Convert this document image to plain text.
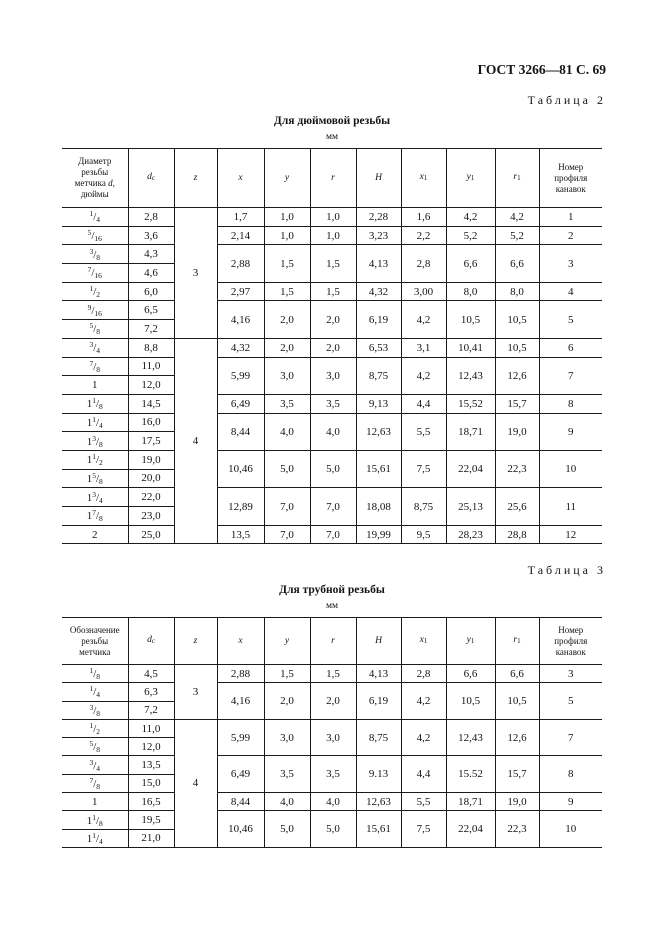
ГОСТ 3266—81 С. 69
Таблица 2
Для дюймовой резьбы
мм
Диаметр
резьбы
метчика d,
дюймы	dc	z	x	y	r	H	x1	y1	r1	Номер
профиля
канавок
$^1$/4	2,8	3	1,7	1,0	1,0	2,28	1,6	4,2	4,2	1
$^5$/16	3,6		2,14	1,0	1,0	3,23	2,2	5,2	5,2	2
$^3$/8	4,3		2,88	1,5	1,5	4,13	2,8	6,6	6,6	3
$^7$/16	4,6									
$^1$/2	6,0		2,97	1,5	1,5	4,32	3,00	8,0	8,0	4
$^9$/16	6,5		4,16	2,0	2,0	6,19	4,2	10,5	10,5	5
$^5$/8	7,2									
$^3$/4	8,8	4	4,32	2,0	2,0	6,53	3,1	10,41	10,5	6
$^7$/8	11,0		5,99	3,0	3,0	8,75	4,2	12,43	12,6	7
1	12,0									
1$^1$/8	14,5		6,49	3,5	3,5	9,13	4,4	15,52	15,7	8
1$^1$/4	16,0		8,44	4,0	4,0	12,63	5,5	18,71	19,0	9
1$^3$/8	17,5									
1$^1$/2	19,0		10,46	5,0	5,0	15,61	7,5	22,04	22,3	10
1$^5$/8	20,0									
1$^3$/4	22,0		12,89	7,0	7,0	18,08	8,75	25,13	25,6	11
1$^7$/8	23,0									
2	25,0		13,5	7,0	7,0	19,99	9,5	28,23	28,8	12
Таблица 3
Для трубной резьбы
мм
Обозначение
резьбы
метчика	dc	z	x	y	r	H	x1	y1	r1	Номер
профиля
канавок
$^1$/8	4,5	3	2,88	1,5	1,5	4,13	2,8	6,6	6,6	3
$^1$/4	6,3		4,16	2,0	2,0	6,19	4,2	10,5	10,5	5
$^3$/8	7,2									
$^1$/2	11,0	4	5,99	3,0	3,0	8,75	4,2	12,43	12,6	7
$^5$/8	12,0									
$^3$/4	13,5		6,49	3,5	3,5	9.13	4,4	15.52	15,7	8
$^7$/8	15,0									
1	16,5		8,44	4,0	4,0	12,63	5,5	18,71	19,0	9
1$^1$/8	19,5		10,46	5,0	5,0	15,61	7,5	22,04	22,3	10
1$^1$/4	21,0									
